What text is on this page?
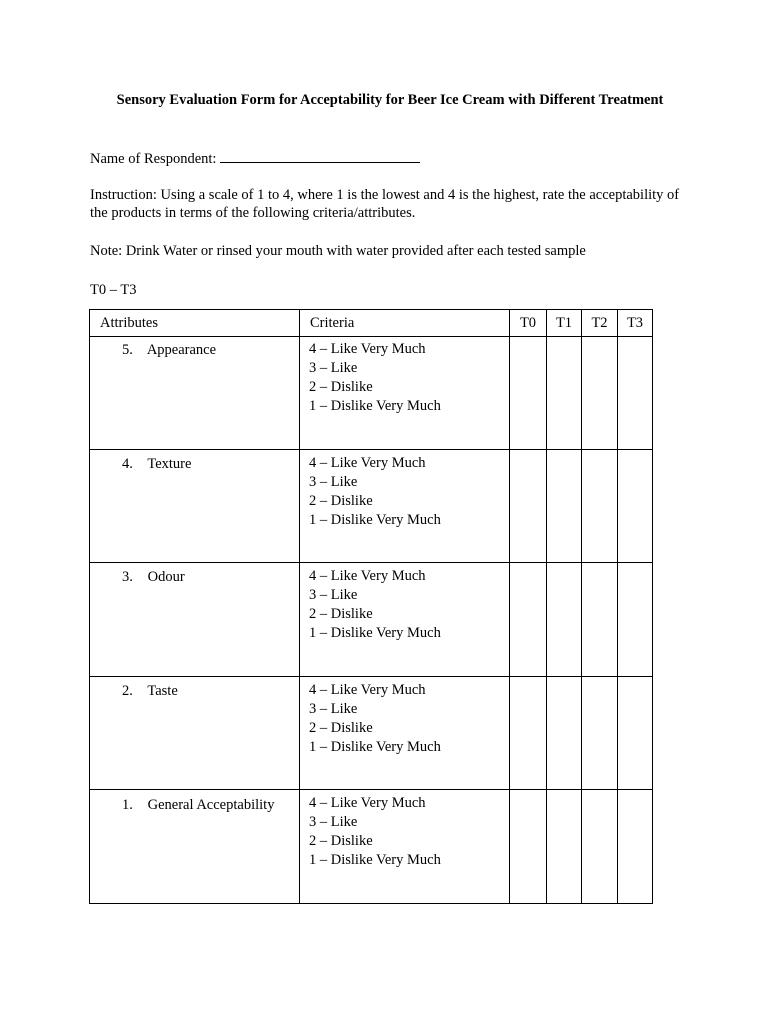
Sensory Evaluation Form for Acceptability for Beer Ice Cream with Different Treatment
Name of Respondent:
Instruction: Using a scale of 1 to 4, where 1 is the lowest and 4 is the highest, rate the acceptability of the products in terms of the following criteria/attributes.
Note: Drink Water or rinsed your mouth with water provided after each tested sample
T0 – T3
Attributes	Criteria	T0	T1	T2	T3
5. Appearance	4 – Like Very Much
3 – Like
2 – Dislike
1 – Dislike Very Much
4. Texture	4 – Like Very Much
3 – Like
2 – Dislike
1 – Dislike Very Much
3. Odour	4 – Like Very Much
3 – Like
2 – Dislike
1 – Dislike Very Much
2. Taste	4 – Like Very Much
3 – Like
2 – Dislike
1 – Dislike Very Much
1. General Acceptability	4 – Like Very Much
3 – Like
2 – Dislike
1 – Dislike Very Much
